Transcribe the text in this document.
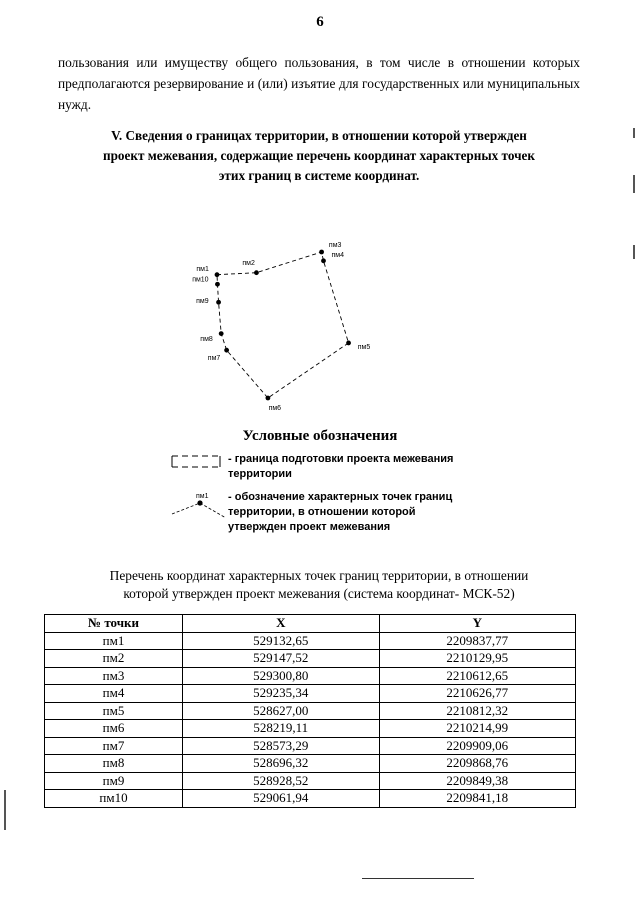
6
пользования или имуществу общего пользования, в том числе в отношении которых предполагаются резервирование и (или) изъятие для государственных или муниципальных нужд.
V. Сведения о границах территории, в отношении которой утвержден
проект межевания, содержащие перечень координат характерных точек
этих границ в системе координат.
пм1
пм2
пм3
пм4
пм5
пм6
пм7
пм8
пм9
пм10
Условные обозначения
- граница подготовки проекта межевания
территории
пм1 - обозначение характерных точек границ
территории, в отношении которой
утвержден проект межевания
Перечень координат характерных точек границ территории, в отношении
которой утвержден проект межевания (система координат- МСК-52)
№ точки	X	Y
пм1	529132,65	2209837,77
пм2	529147,52	2210129,95
пм3	529300,80	2210612,65
пм4	529235,34	2210626,77
пм5	528627,00	2210812,32
пм6	528219,11	2210214,99
пм7	528573,29	2209909,06
пм8	528696,32	2209868,76
пм9	528928,52	2209849,38
пм10	529061,94	2209841,18
